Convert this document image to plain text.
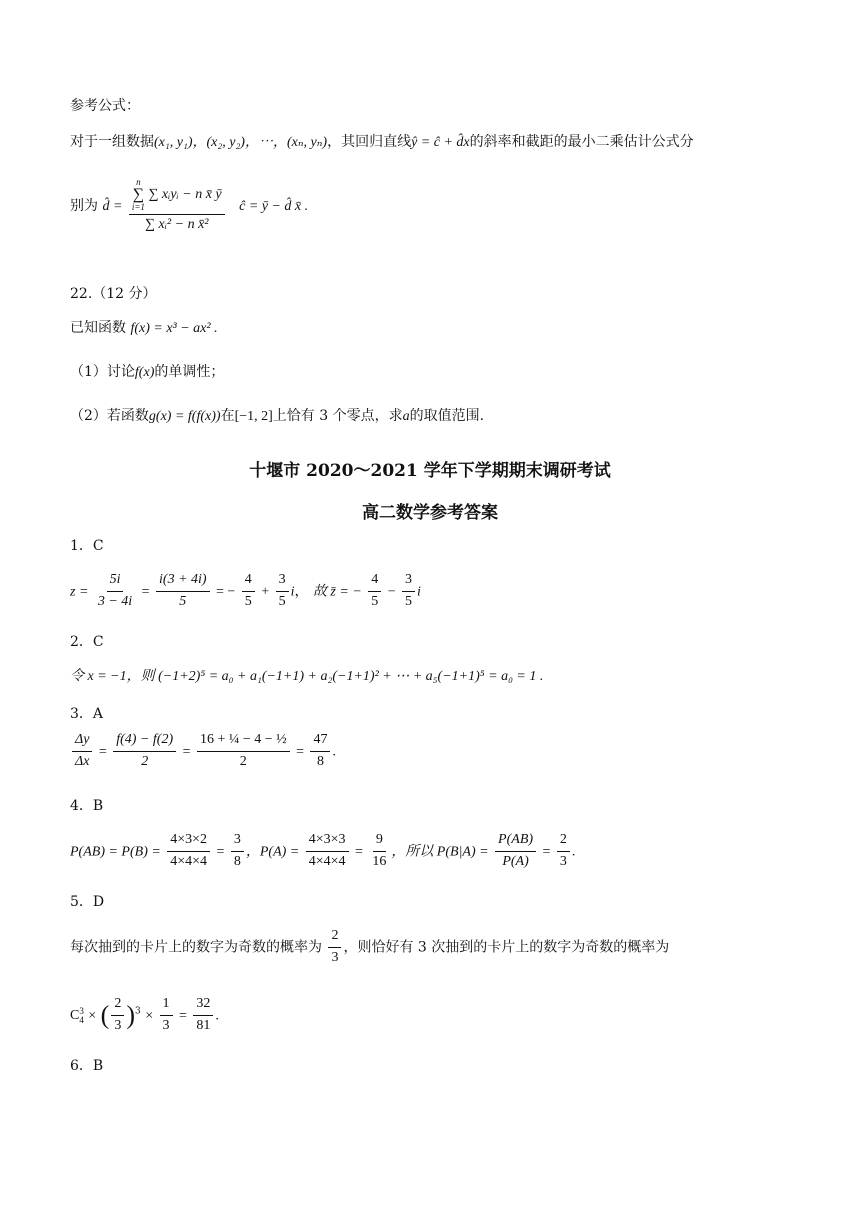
参考公式：
对于一组数据(x₁, y₁)，(x₂, y₂)，⋯，(xₙ, yₙ)，其回归直线ŷ = ĉ + d̂x的斜率和截距的最小二乘估计公式分
别为 d̂ =
n
∑
i=1 ∑ xᵢyᵢ − n x̄ ȳ
∑ xᵢ² − n x̄²
ĉ = ȳ − d̂ x̄ .
22.（12 分）
已知函数 f(x) = x³ − ax² .
（1）讨论f(x)的单调性；
（2）若函数g(x) = f(f(x))在[−1, 2]上恰有 3 个零点，求a的取值范围.
十堰市 2020～2021 学年下学期期末调研考试
高二数学参考答案
1．C
$z = \frac{5i}{3 - 4i} = \frac{i(3 + 4i)}{5}$ = − $\frac{4}{5} + \frac{3}{5}$ i， 故 z̄ = − $\frac{4}{5} - \frac{3}{5}$ i
2．C
令 x = −1，则 (−1+2)⁵ = a₀ + a₁(−1+1) + a₂(−1+1)² + ⋯ + a₅(−1+1)⁵ = a₀ = 1 .
3．A
$\frac{\Delta y}{\Delta x} = \frac{f(4) - f(2)}{2} = \frac{\text{16 + ¼ − 4 − ½}}{2} = \frac{47}{8}$ .
4．B
$P(AB) = P(B) = \frac{4\times 3\times 2}{4\times 4\times 4} = \frac{3}{8}$ ，$P(A) = \frac{4\times 3\times 3}{4\times 4\times 4} = \frac{9}{16}$ ，所以 $P(B|A) = \frac{P(AB)}{P(A)} = \frac{2}{3}$ .
5．D
每次抽到的卡片上的数字为奇数的概率为 $\frac{2}{3}$ ，则恰好有 3 次抽到的卡片上的数字为奇数的概率为
C 3
4 × ( $\frac{2}{3} )^3 \times \frac{1}{3} = \frac{32}{81}$ .
6．B
